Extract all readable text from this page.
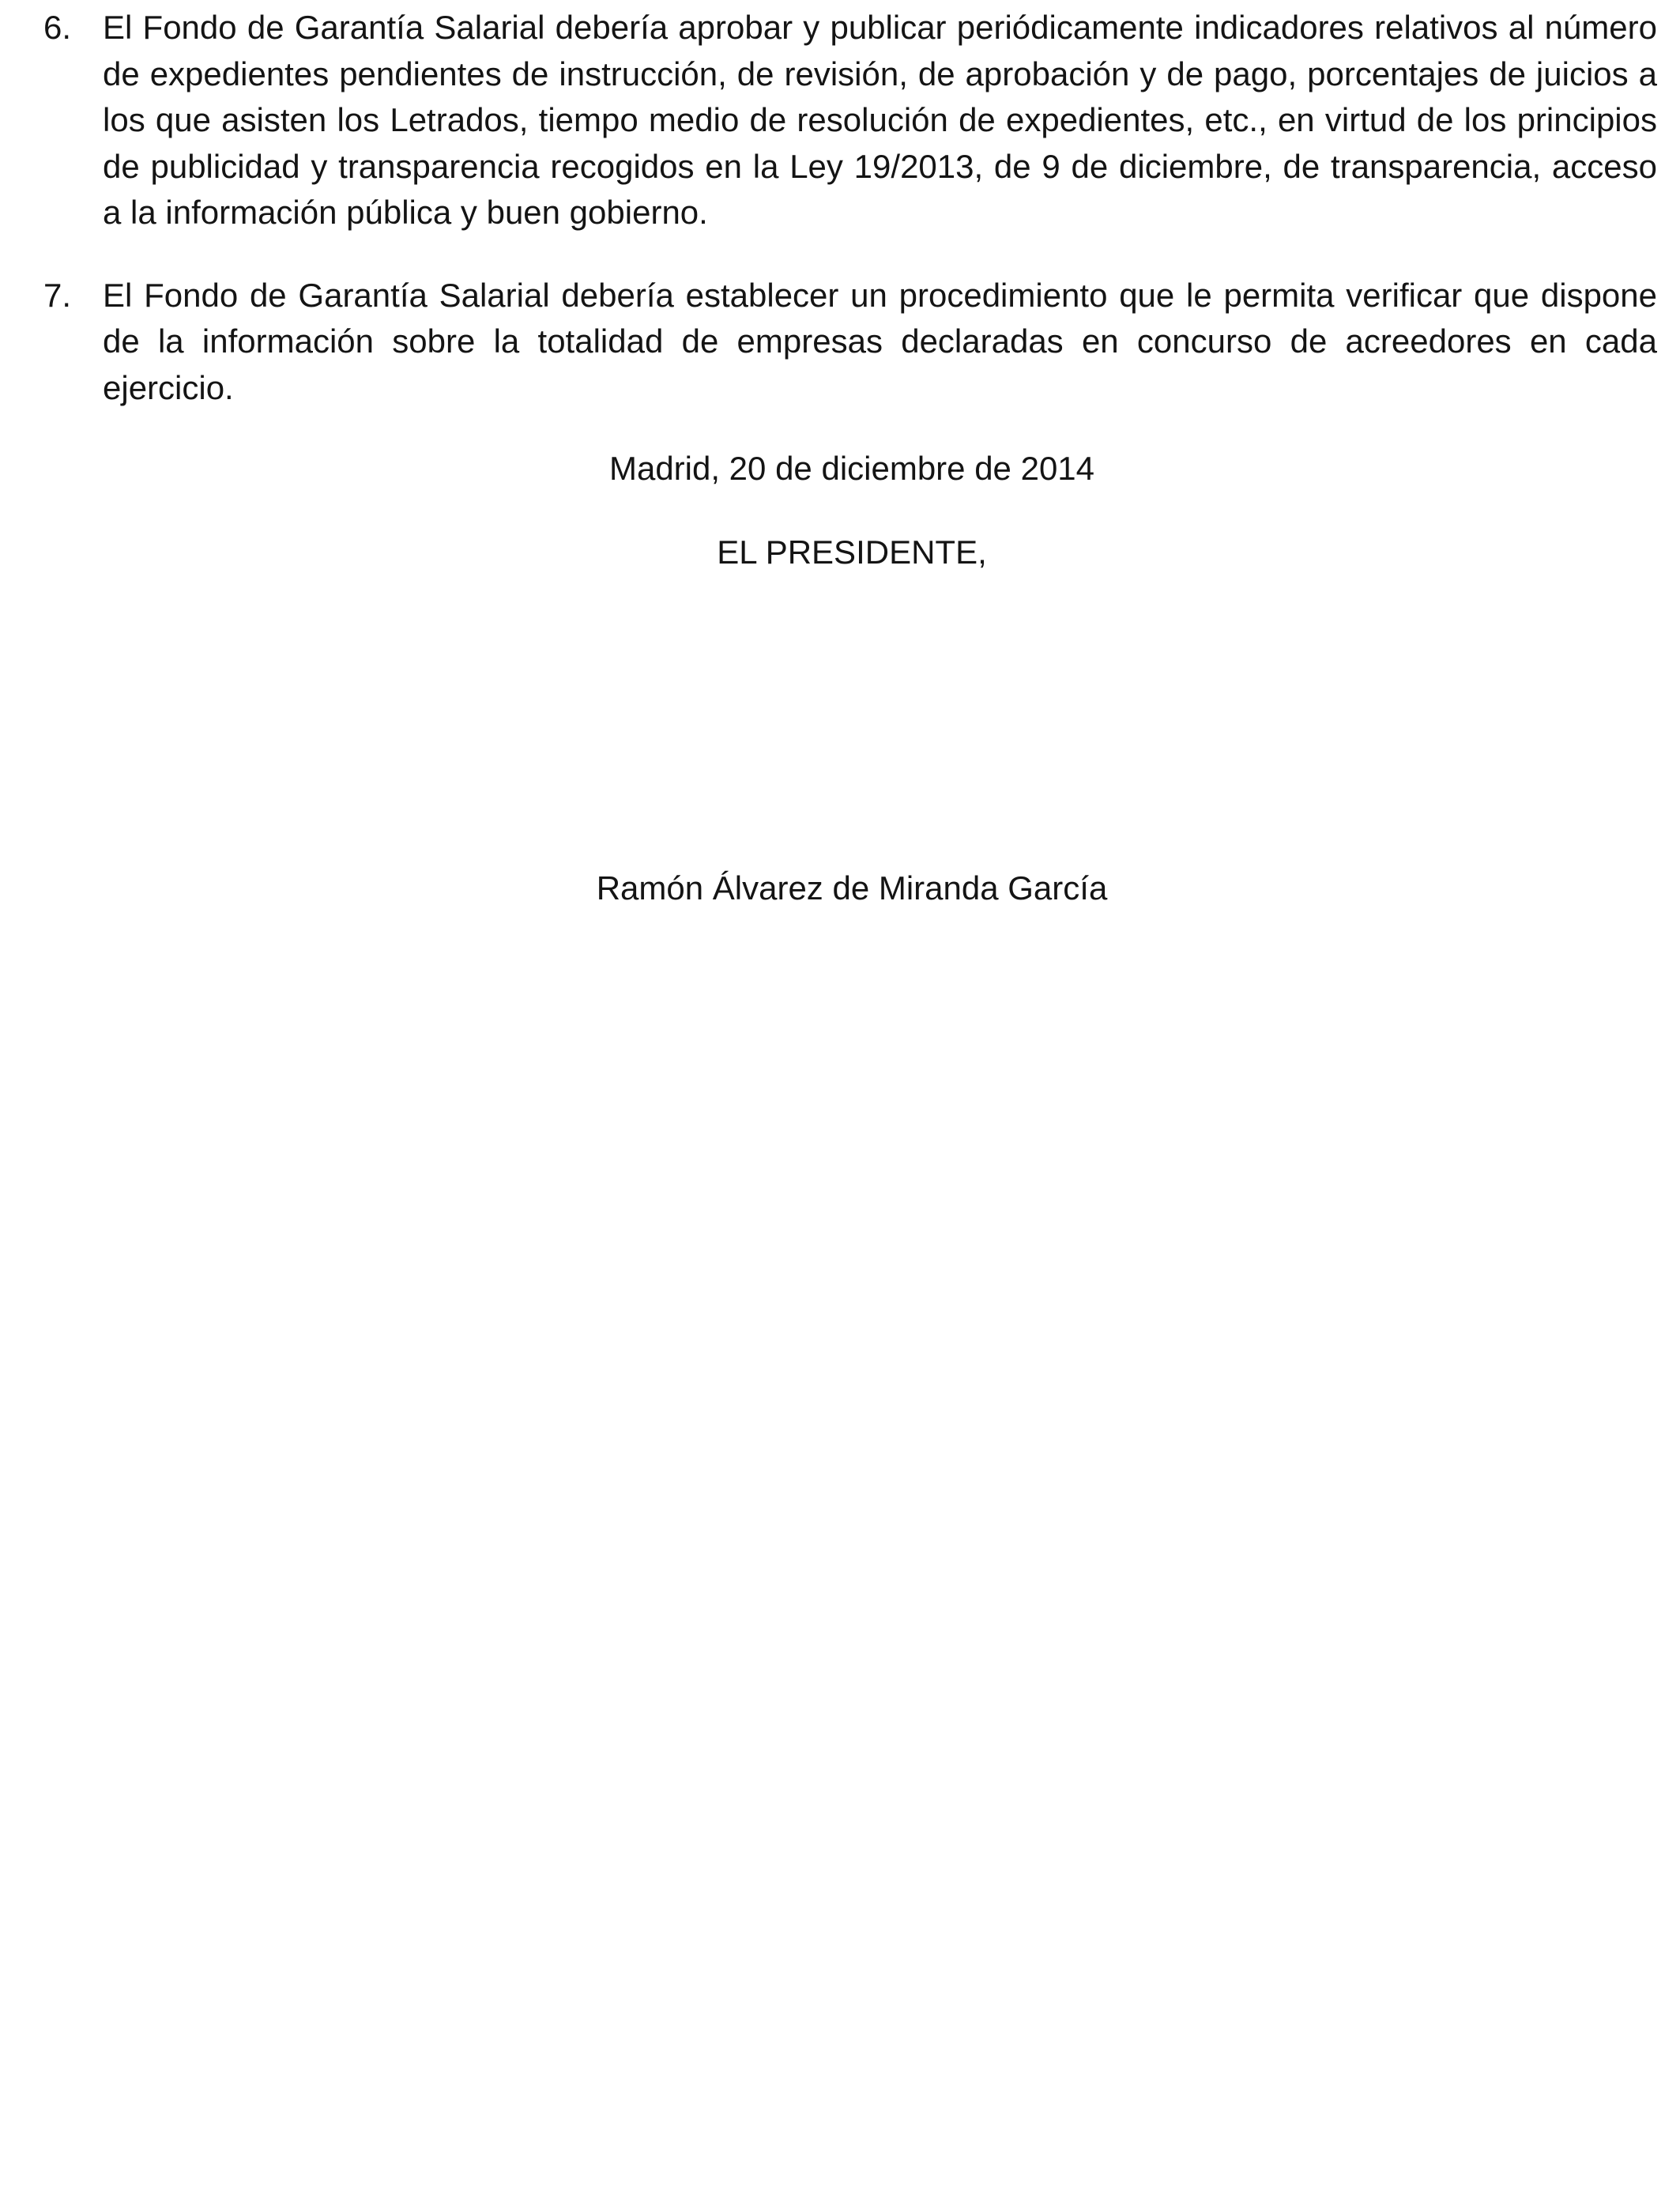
6. El Fondo de Garantía Salarial debería aprobar y publicar periódicamente indicadores relativos al número de expedientes pendientes de instrucción, de revisión, de aprobación y de pago, porcentajes de juicios a los que asisten los Letrados, tiempo medio de resolución de expedientes, etc., en virtud de los principios de publicidad y transparencia recogidos en la Ley 19/2013, de 9 de diciembre, de transparencia, acceso a la información pública y buen gobierno.
7. El Fondo de Garantía Salarial debería establecer un procedimiento que le permita verificar que dispone de la información sobre la totalidad de empresas declaradas en concurso de acreedores en cada ejercicio.

Madrid, 20 de diciembre de 2014

EL PRESIDENTE,

Ramón Álvarez de Miranda García
